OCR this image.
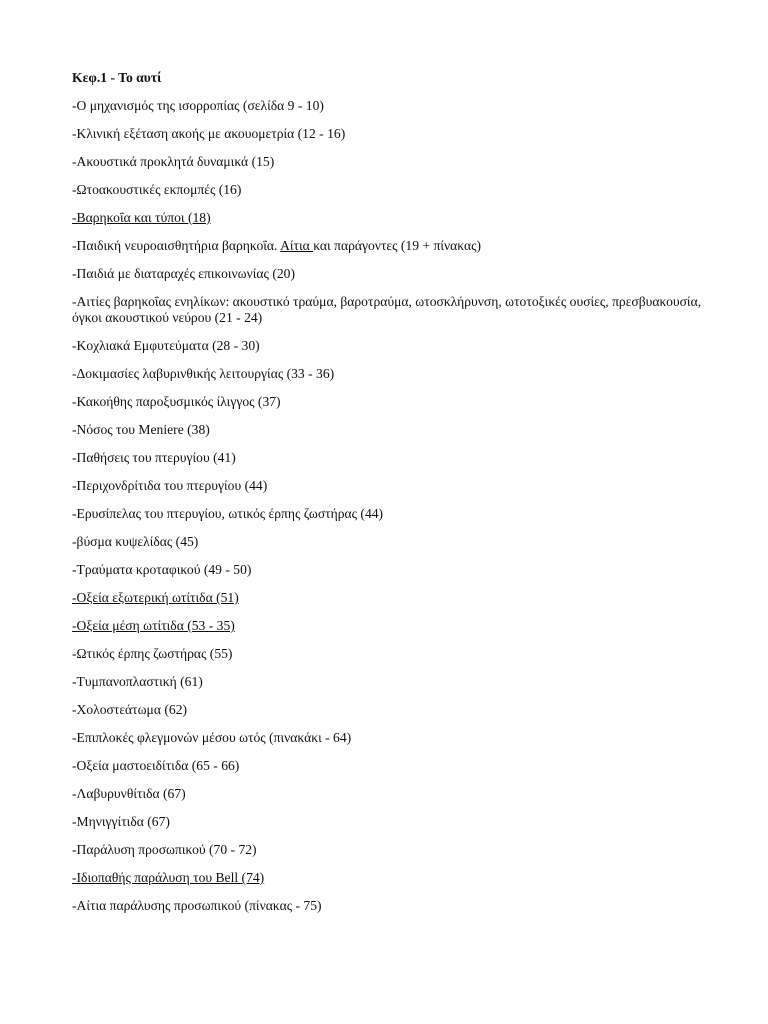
Κεφ.1 - Το αυτί
-Ο μηχανισμός της ισορροπίας (σελίδα 9 - 10)
-Κλινική εξέταση ακοής με ακουομετρία (12 - 16)
-Ακουστικά προκλητά δυναμικά (15)
-Ωτοακουστικές εκπομπές (16)
-Βαρηκοΐα και τύποι (18)
-Παιδική νευροαισθητήρια βαρηκοΐα. Αίτια και παράγοντες (19 + πίνακας)
-Παιδιά με διαταραχές επικοινωνίας (20)
-Αιτίες βαρηκοΐας ενηλίκων: ακουστικό τραύμα, βαροτραύμα, ωτοσκλήρυνση, ωτοτοξικές ουσίες, πρεσβυακουσία, όγκοι ακουστικού νεύρου (21 - 24)
-Κοχλιακά Εμφυτεύματα (28 - 30)
-Δοκιμασίες λαβυρινθικής λειτουργίας (33 - 36)
-Κακοήθης παροξυσμικός ίλιγγος (37)
-Νόσος του Meniere (38)
-Παθήσεις του πτερυγίου (41)
-Περιχονδρίτιδα του πτερυγίου (44)
-Ερυσίπελας του πτερυγίου, ωτικός έρπης ζωστήρας (44)
-βύσμα κυψελίδας (45)
-Τραύματα κροταφικού (49 - 50)
-Οξεία εξωτερική ωτίτιδα (51)
-Οξεία μέση ωτίτιδα (53 - 35)
-Ωτικός έρπης ζωστήρας (55)
-Τυμπανοπλαστική (61)
-Χολοστεάτωμα (62)
-Επιπλοκές φλεγμονών μέσου ωτός (πινακάκι - 64)
-Οξεία μαστοειδίτιδα (65 - 66)
-Λαβυρυνθίτιδα (67)
-Μηνιγγίτιδα (67)
-Παράλυση προσωπικού (70 - 72)
-Ιδιοπαθής παράλυση του Bell (74)
-Αίτια παράλυσης προσωπικού (πίνακας - 75)
